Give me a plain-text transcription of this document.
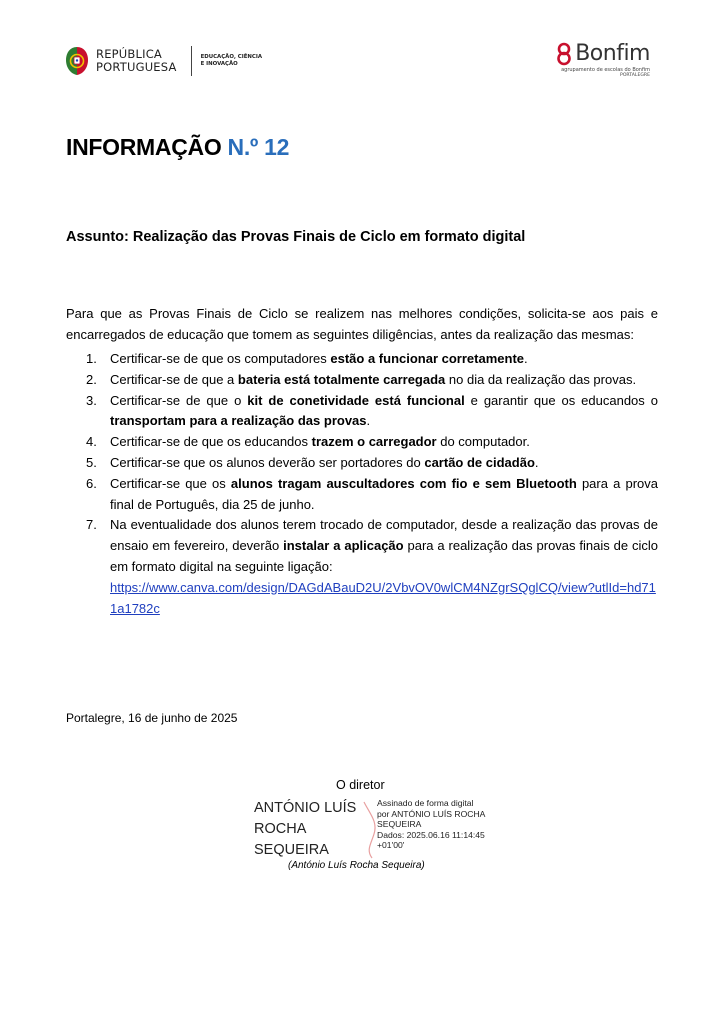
REPÚBLICA
PORTUGUESA
EDUCAÇÃO, CIÊNCIA
E INOVAÇÃO	Bonfim
agrupamento de escolas do Bonfim
PORTALEGRE
INFORMAÇÃO N.º 12
Assunto: Realização das Provas Finais de Ciclo em formato digital
Para que as Provas Finais de Ciclo se realizem nas melhores condições, solicita-se aos pais e encarregados de educação que tomem as seguintes diligências, antes da realização das mesmas:
1.	Certificar-se de que os computadores estão a funcionar corretamente.
2.	Certificar-se de que a bateria está totalmente carregada no dia da realização das provas.
3.	Certificar-se de que o kit de conetividade está funcional e garantir que os educandos o transportam para a realização das provas.
4.	Certificar-se de que os educandos trazem o carregador do computador.
5.	Certificar-se que os alunos deverão ser portadores do cartão de cidadão.
6.	Certificar-se que os alunos tragam auscultadores com fio e sem Bluetooth para a prova final de Português, dia 25 de junho.
7.	Na eventualidade dos alunos terem trocado de computador, desde a realização das provas de ensaio em fevereiro, deverão instalar a aplicação para a realização das provas finais de ciclo em formato digital na seguinte ligação:
https://www.canva.com/design/DAGdABauD2U/2VbvOV0wlCM4NZgrSQglCQ/view?utlId=hd711a1782c
Portalegre, 16 de junho de 2025
O diretor
ANTÓNIO LUÍS
ROCHA
SEQUEIRA
Assinado de forma digital
por ANTÓNIO LUÍS ROCHA
SEQUEIRA
Dados: 2025.06.16 11:14:45
+01'00'
(António Luís Rocha Sequeira)
